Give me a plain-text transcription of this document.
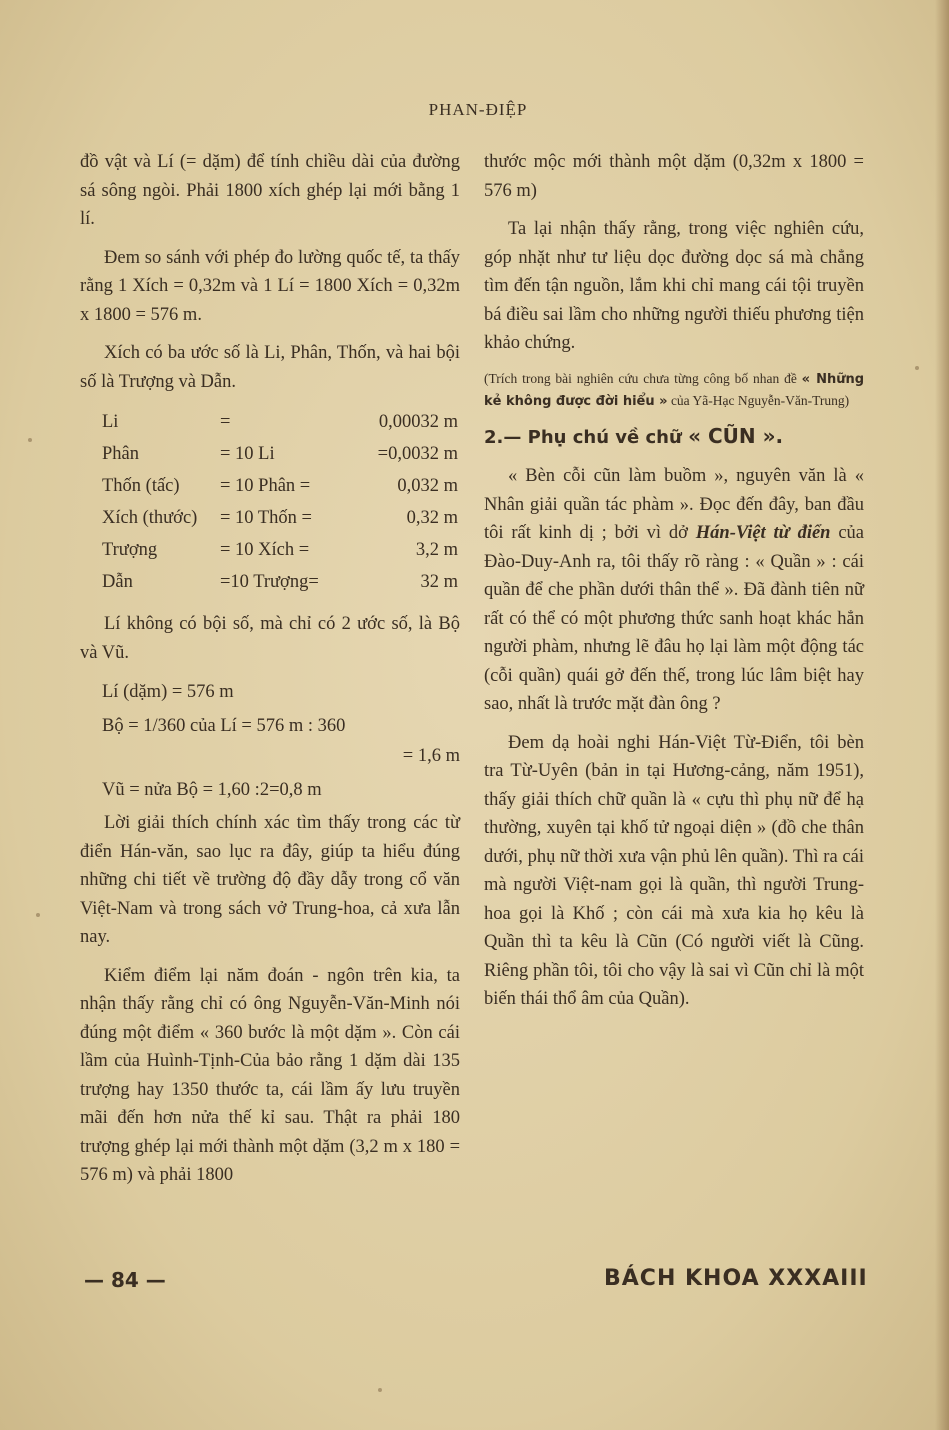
PHAN-ĐIỆP

đồ vật và Lí (= dặm) để tính chiều dài của đường sá sông ngòi. Phải 1800 xích ghép lại mới bằng 1 lí.

Đem so sánh với phép đo lường quốc tế, ta thấy rằng 1 Xích = 0,32m và 1 Lí = 1800 Xích = 0,32m x 1800 = 576 m.

Xích có ba ước số là Li, Phân, Thốn, và hai bội số là Trượng và Dẫn.

Li	=	0,00032 m
Phân	= 10 Li	=0,0032 m
Thốn (tấc)	= 10 Phân =	0,032 m
Xích (thước)	= 10 Thốn =	0,32 m
Trượng	= 10 Xích =	3,2 m
Dẫn	=10 Trượng=	32 m

Lí không có bội số, mà chỉ có 2 ước số, là Bộ và Vũ.

Lí (dặm) = 576 m
Bộ = 1/360 của Lí = 576 m : 360
= 1,6 m
Vũ = nửa Bộ = 1,60 :2=0,8 m

Lời giải thích chính xác tìm thấy trong các từ điển Hán-văn, sao lục ra đây, giúp ta hiểu đúng những chi tiết về trường độ đầy dẫy trong cổ văn Việt-Nam và trong sách vở Trung-hoa, cả xưa lẫn nay.

Kiểm điểm lại năm đoán - ngôn trên kia, ta nhận thấy rằng chỉ có ông Nguyễn-Văn-Minh nói đúng một điểm « 360 bước là một dặm ». Còn cái lầm của Huình-Tịnh-Của bảo rằng 1 dặm dài 135 trượng hay 1350 thước ta, cái lầm ấy lưu truyền mãi đến hơn nửa thế kỉ sau. Thật ra phải 180 trượng ghép lại mới thành một dặm (3,2 m x 180 = 576 m) và phải 1800

thước mộc mới thành một dặm (0,32m x 1800 = 576 m)

Ta lại nhận thấy rằng, trong việc nghiên cứu, góp nhặt như tư liệu dọc đường dọc sá mà chẳng tìm đến tận nguồn, lắm khi chỉ mang cái tội truyền bá điều sai lầm cho những người thiếu phương tiện khảo chứng.

(Trích trong bài nghiên cứu chưa từng công bố nhan đề « Những kẻ không được đời hiểu » của Yã-Hạc Nguyễn-Văn-Trung)

2.— Phụ chú về chữ « CŨN ».

« Bèn cỗi cũn làm buồm », nguyên văn là « Nhân giải quần tác phàm ». Đọc đến đây, ban đầu tôi rất kinh dị ; bởi vì dở Hán-Việt từ điển của Đào-Duy-Anh ra, tôi thấy rõ ràng : « Quần » : cái quần để che phần dưới thân thể ». Đã đành tiên nữ rất có thể có một phương thức sanh hoạt khác hẳn người phàm, nhưng lẽ đâu họ lại làm một động tác (cỗi quần) quái gở đến thế, trong lúc lâm biệt hay sao, nhất là trước mặt đàn ông ?

Đem dạ hoài nghi Hán-Việt Từ-Điển, tôi bèn tra Từ-Uyên (bản in tại Hương-cảng, năm 1951), thấy giải thích chữ quần là « cựu thì phụ nữ để hạ thường, xuyên tại khố tử ngoại diện » (đồ che thân dưới, phụ nữ thời xưa vận phủ lên quần). Thì ra cái mà người Việt-nam gọi là quần, thì người Trung-hoa gọi là Khố ; còn cái mà xưa kia họ kêu là Quần thì ta kêu là Cũn (Có người viết là Cũng. Riêng phần tôi, tôi cho vậy là sai vì Cũn chỉ là một biến thái thổ âm của Quần).

— 84 —	BÁCH KHOA XXXAIII
